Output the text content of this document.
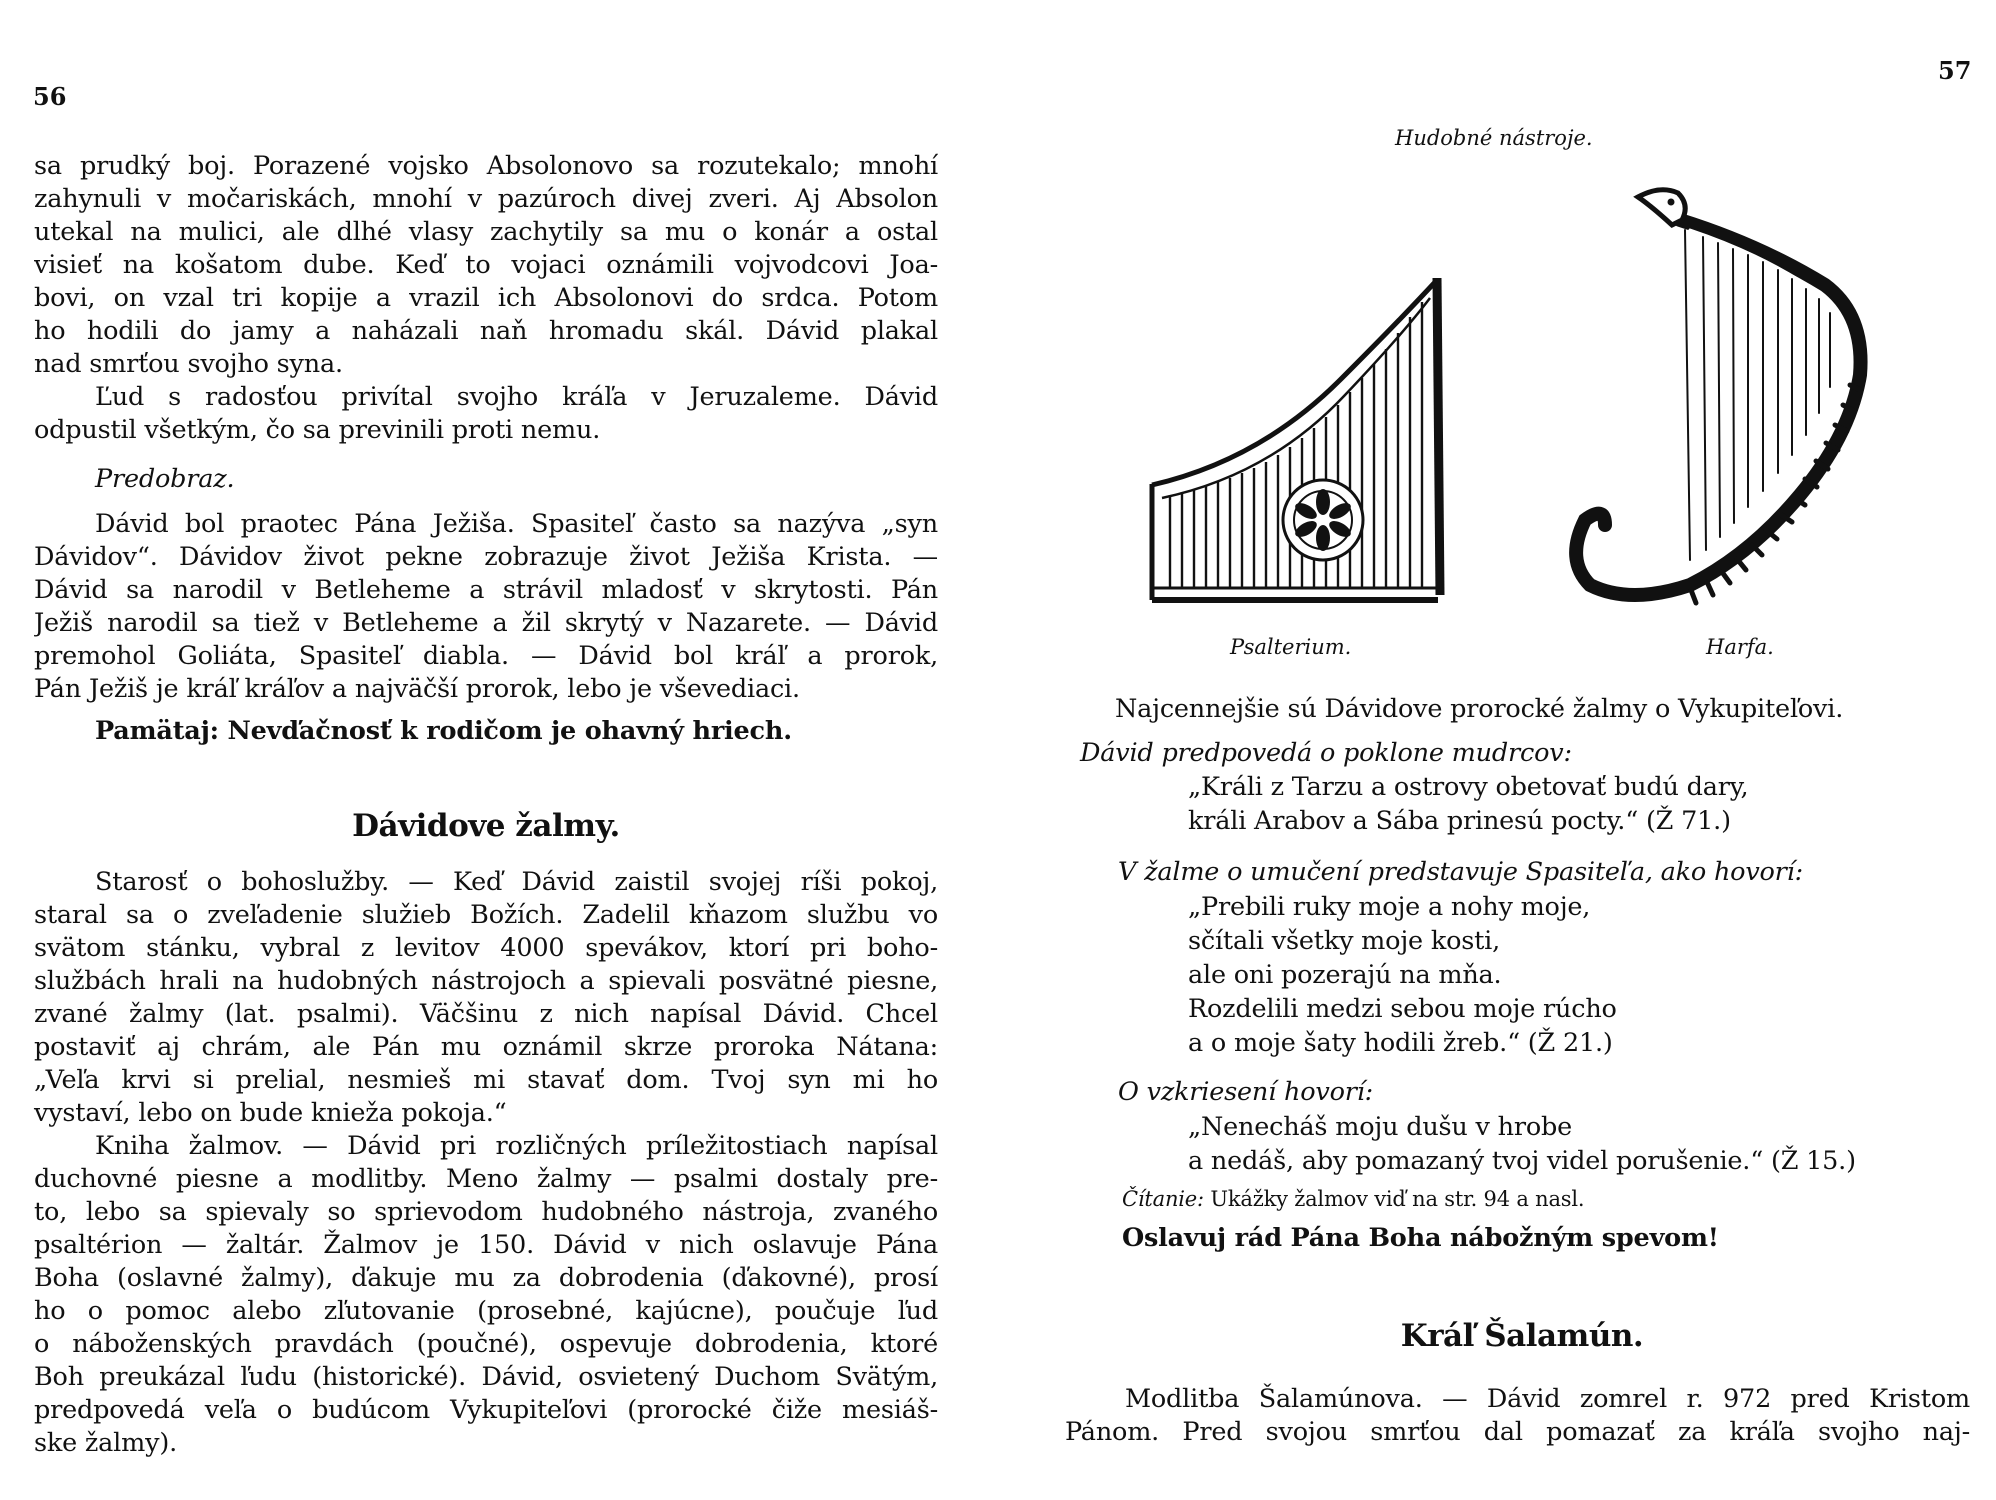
56
sa prudký boj. Porazené vojsko Absolonovo sa rozutekalo; mnohí
zahynuli v močariskách, mnohí v pazúroch divej zveri. Aj Absolon
utekal na mulici, ale dlhé vlasy zachytily sa mu o konár a ostal
visieť na košatom dube. Keď to vojaci oznámili vojvodcovi Joa-
bovi, on vzal tri kopije a vrazil ich Absolonovi do srdca. Potom
ho hodili do jamy a naházali naň hromadu skál. Dávid plakal
nad smrťou svojho syna.
Ľud s radosťou privítal svojho kráľa v Jeruzaleme. Dávid
odpustil všetkým, čo sa previnili proti nemu.
Predobraz.
Dávid bol praotec Pána Ježiša. Spasiteľ často sa nazýva „syn
Dávidov“. Dávidov život pekne zobrazuje život Ježiša Krista. —
Dávid sa narodil v Betleheme a strávil mladosť v skrytosti. Pán
Ježiš narodil sa tiež v Betleheme a žil skrytý v Nazarete. — Dávid
premohol Goliáta, Spasiteľ diabla. — Dávid bol kráľ a prorok,
Pán Ježiš je kráľ kráľov a najväčší prorok, lebo je vševediaci.
Pamätaj: Nevďačnosť k rodičom je ohavný hriech.
Dávidove žalmy.
Starosť o bohoslužby. — Keď Dávid zaistil svojej ríši pokoj,
staral sa o zveľadenie služieb Božích. Zadelil kňazom službu vo
svätom stánku, vybral z levitov 4000 spevákov, ktorí pri boho-
službách hrali na hudobných nástrojoch a spievali posvätné piesne,
zvané žalmy (lat. psalmi). Väčšinu z nich napísal Dávid. Chcel
postaviť aj chrám, ale Pán mu oznámil skrze proroka Nátana:
„Veľa krvi si prelial, nesmieš mi stavať dom. Tvoj syn mi ho
vystaví, lebo on bude knieža pokoja.“
Kniha žalmov. — Dávid pri rozličných príležitostiach napísal
duchovné piesne a modlitby. Meno žalmy — psalmi dostaly pre-
to, lebo sa spievaly so sprievodom hudobného nástroja, zvaného
psaltérion — žaltár. Žalmov je 150. Dávid v nich oslavuje Pána
Boha (oslavné žalmy), ďakuje mu za dobrodenia (ďakovné), prosí
ho o pomoc alebo zľutovanie (prosebné, kajúcne), poučuje ľud
o náboženských pravdách (poučné), ospevuje dobrodenia, ktoré
Boh preukázal ľudu (historické). Dávid, osvietený Duchom Svätým,
predpovedá veľa o budúcom Vykupiteľovi (prorocké čiže mesiáš-
ske žalmy).
57
Hudobné nástroje.
Psalterium.	Harfa.
Najcennejšie sú Dávidove prorocké žalmy o Vykupiteľovi.
Dávid predpovedá o poklone mudrcov:
„Králi z Tarzu a ostrovy obetovať budú dary,
králi Arabov a Sába prinesú pocty.“ (Ž 71.)
V žalme o umučení predstavuje Spasiteľa, ako hovorí:
„Prebili ruky moje a nohy moje,
sčítali všetky moje kosti,
ale oni pozerajú na mňa.
Rozdelili medzi sebou moje rúcho
a o moje šaty hodili žreb.“ (Ž 21.)
O vzkriesení hovorí:
„Nenecháš moju dušu v hrobe
a nedáš, aby pomazaný tvoj videl porušenie.“ (Ž 15.)
Čítanie: Ukážky žalmov viď na str. 94 a nasl.
Oslavuj rád Pána Boha nábožným spevom!
Kráľ Šalamún.
Modlitba Šalamúnova. — Dávid zomrel r. 972 pred Kristom
Pánom. Pred svojou smrťou dal pomazať za kráľa svojho naj-
